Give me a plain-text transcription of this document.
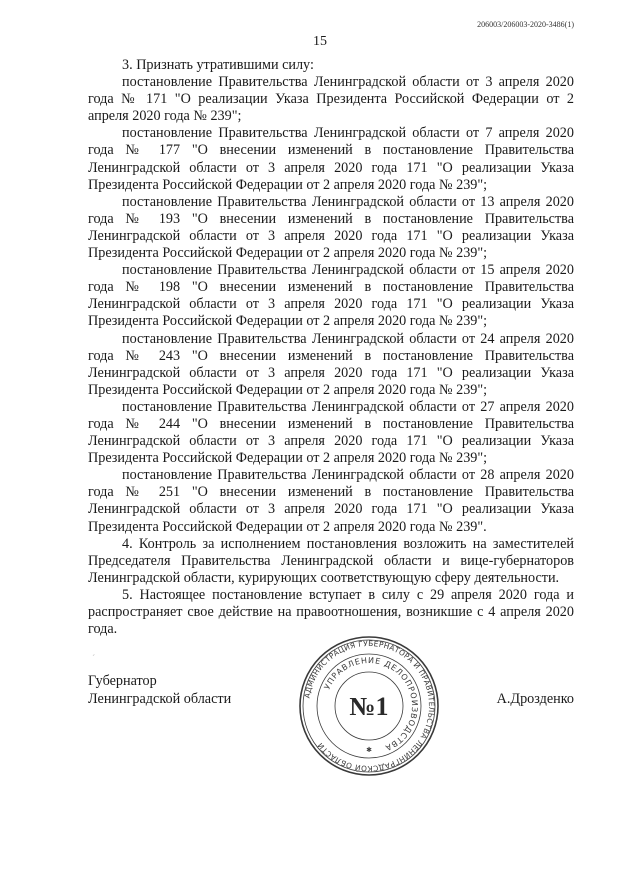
206003/206003-2020-3486(1)
15

3. Признать утратившими силу:

постановление Правительства Ленинградской области от 3 апреля 2020 года № 171 "О реализации Указа Президента Российской Федерации от 2 апреля 2020 года № 239";

постановление Правительства Ленинградской области от 7 апреля 2020 года № 177 "О внесении изменений в постановление Правительства Ленинградской области от 3 апреля 2020 года 171 "О реализации Указа Президента Российской Федерации от 2 апреля 2020 года № 239";

постановление Правительства Ленинградской области от 13 апреля 2020 года № 193 "О внесении изменений в постановление Правительства Ленинградской области от 3 апреля 2020 года 171 "О реализации Указа Президента Российской Федерации от 2 апреля 2020 года № 239";

постановление Правительства Ленинградской области от 15 апреля 2020 года № 198 "О внесении изменений в постановление Правительства Ленинградской области от 3 апреля 2020 года 171 "О реализации Указа Президента Российской Федерации от 2 апреля 2020 года № 239";

постановление Правительства Ленинградской области от 24 апреля 2020 года № 243 "О внесении изменений в постановление Правительства Ленинградской области от 3 апреля 2020 года 171 "О реализации Указа Президента Российской Федерации от 2 апреля 2020 года № 239";

постановление Правительства Ленинградской области от 27 апреля 2020 года № 244 "О внесении изменений в постановление Правительства Ленинградской области от 3 апреля 2020 года 171 "О реализации Указа Президента Российской Федерации от 2 апреля 2020 года № 239";

постановление Правительства Ленинградской области от 28 апреля 2020 года № 251 "О внесении изменений в постановление Правительства Ленинградской области от 3 апреля 2020 года 171 "О реализации Указа Президента Российской Федерации от 2 апреля 2020 года № 239".

4. Контроль за исполнением постановления возложить на заместителей Председателя Правительства Ленинградской области и вице-губернаторов Ленинградской области, курирующих соответствующую сферу деятельности.

5. Настоящее постановление вступает в силу с 29 апреля 2020 года и распространяет свое действие на правоотношения, возникшие с 4 апреля 2020 года.

ˊ
Губернатор
Ленинградской области	А.Дрозденко
АДМИНИСТРАЦИЯ ГУБЕРНАТОРА И ПРАВИТЕЛЬСТВА ЛЕНИНГРАДСКОЙ ОБЛАСТИ
УПРАВЛЕНИЕ ДЕЛОПРОИЗВОДСТВА
№1
✱
